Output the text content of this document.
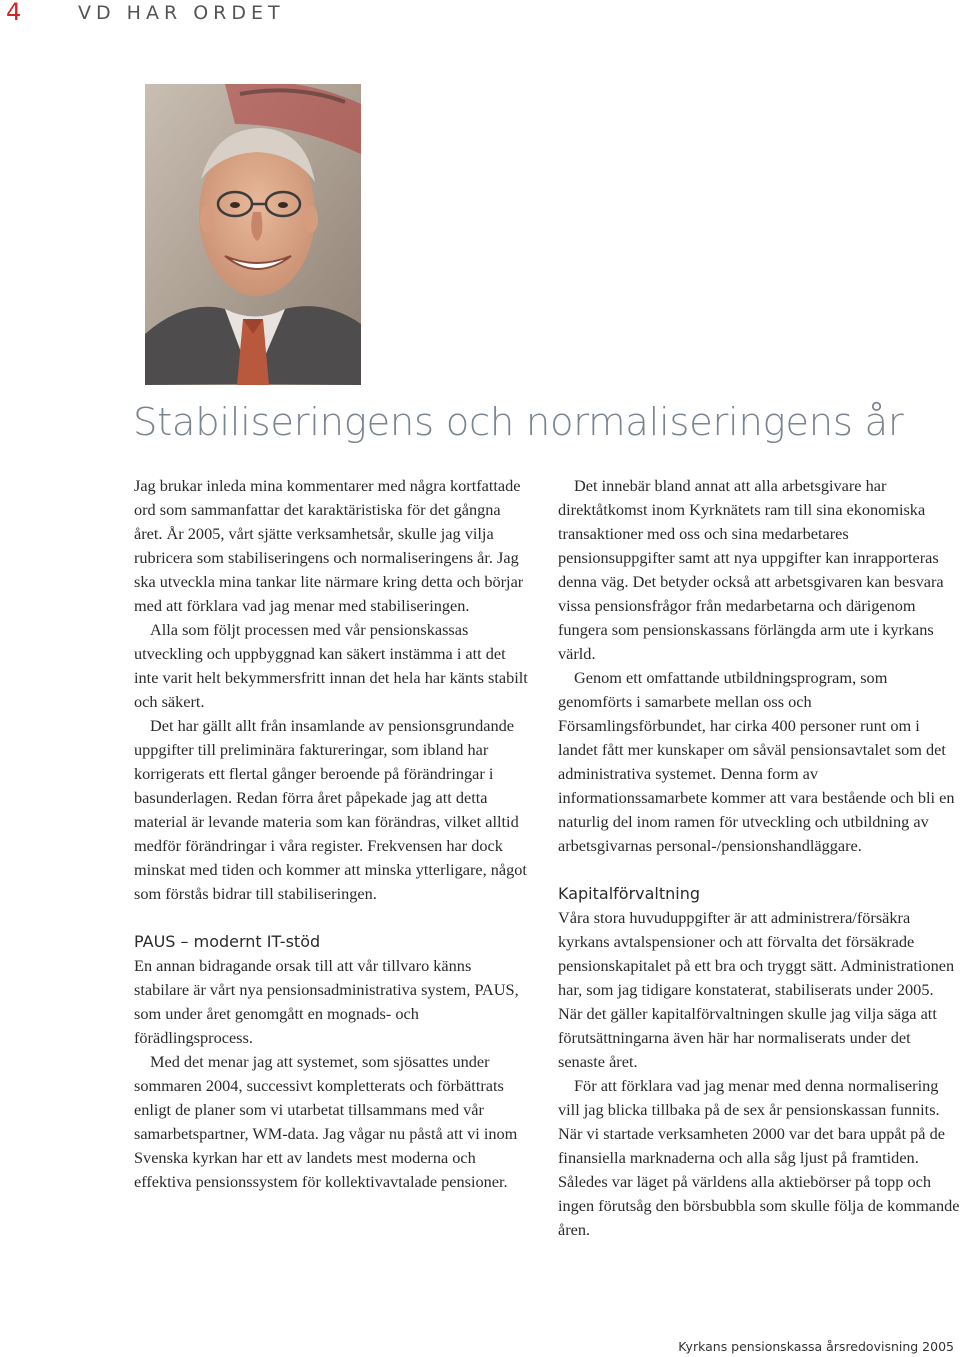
4	VD HAR ORDET
Stabiliseringens och normaliseringens år

Jag brukar inleda mina kommentarer med några kortfattade ord som sammanfattar det karaktäristiska för det gångna året. År 2005, vårt sjätte verksamhetsår, skulle jag vilja rubricera som stabiliseringens och normaliseringens år. Jag ska utveckla mina tankar lite närmare kring detta och börjar med att förklara vad jag menar med stabiliseringen.

Alla som följt processen med vår pensionskassas utveckling och uppbyggnad kan säkert instämma i att det inte varit helt bekymmersfritt innan det hela har känts stabilt och säkert.

Det har gällt allt från insamlande av pensionsgrundande uppgifter till preliminära faktureringar, som ibland har korrigerats ett flertal gånger beroende på förändringar i basunderlagen. Redan förra året påpekade jag att detta material är levande materia som kan förändras, vilket alltid medför förändringar i våra register. Frekvensen har dock minskat med tiden och kommer att minska ytterligare, något som förstås bidrar till stabiliseringen.

PAUS – modernt IT-stöd

En annan bidragande orsak till att vår tillvaro känns stabilare är vårt nya pensionsadministrativa system, PAUS, som under året genomgått en mognads- och förädlingsprocess.

Med det menar jag att systemet, som sjösattes under sommaren 2004, successivt kompletterats och förbättrats enligt de planer som vi utarbetat tillsammans med vår samarbetspartner, WM-data. Jag vågar nu påstå att vi inom Svenska kyrkan har ett av landets mest moderna och effektiva pensionssystem för kollektivavtalade pensioner.

Det innebär bland annat att alla arbetsgivare har direktåtkomst inom Kyrknätets ram till sina ekonomiska transaktioner med oss och sina medarbetares pensionsuppgifter samt att nya uppgifter kan inrapporteras denna väg. Det betyder också att arbetsgivaren kan besvara vissa pensionsfrågor från medarbetarna och därigenom fungera som pensionskassans förlängda arm ute i kyrkans värld.

Genom ett omfattande utbildningsprogram, som genomförts i samarbete mellan oss och Församlingsförbundet, har cirka 400 personer runt om i landet fått mer kunskaper om såväl pensionsavtalet som det administrativa systemet. Denna form av informationssamarbete kommer att vara bestående och bli en naturlig del inom ramen för utveckling och utbildning av arbetsgivarnas personal-/pensionshandläggare.

Kapitalförvaltning

Våra stora huvuduppgifter är att administrera/försäkra kyrkans avtalspensioner och att förvalta det försäkrade pensionskapitalet på ett bra och tryggt sätt. Administrationen har, som jag tidigare konstaterat, stabiliserats under 2005. När det gäller kapitalförvaltningen skulle jag vilja säga att förutsättningarna även här har normaliserats under det senaste året.

För att förklara vad jag menar med denna normalisering vill jag blicka tillbaka på de sex år pensionskassan funnits. När vi startade verksamheten 2000 var det bara uppåt på de finansiella marknaderna och alla såg ljust på framtiden. Således var läget på världens alla aktiebörser på topp och ingen förutsåg den börsbubbla som skulle följa de kommande åren.

Kyrkans pensionskassa årsredovisning 2005
